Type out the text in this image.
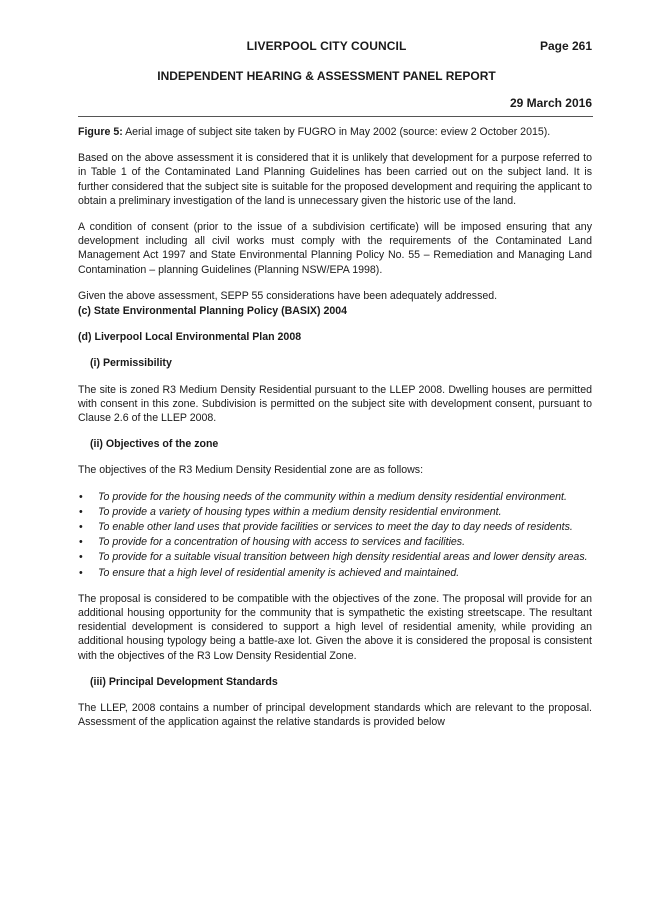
LIVERPOOL CITY COUNCIL	Page 261
INDEPENDENT HEARING & ASSESSMENT PANEL REPORT
29 March 2016

Figure 5: Aerial image of subject site taken by FUGRO in May 2002 (source: eview 2 October 2015).

Based on the above assessment it is considered that it is unlikely that development for a purpose referred to in Table 1 of the Contaminated Land Planning Guidelines has been carried out on the subject land. It is further considered that the subject site is suitable for the proposed development and requiring the applicant to obtain a preliminary investigation of the land is unnecessary given the historic use of the land.

A condition of consent (prior to the issue of a subdivision certificate) will be imposed ensuring that any development including all civil works must comply with the requirements of the Contaminated Land Management Act 1997 and State Environmental Planning Policy No. 55 – Remediation and Managing Land Contamination – planning Guidelines (Planning NSW/EPA 1998).

Given the above assessment, SEPP 55 considerations have been adequately addressed.

(c) State Environmental Planning Policy (BASIX) 2004
(d) Liverpool Local Environmental Plan 2008
(i) Permissibility

The site is zoned R3 Medium Density Residential pursuant to the LLEP 2008. Dwelling houses are permitted with consent in this zone. Subdivision is permitted on the subject site with development consent, pursuant to Clause 2.6 of the LLEP 2008.

(ii) Objectives of the zone

The objectives of the R3 Medium Density Residential zone are as follows:

• To provide for the housing needs of the community within a medium density residential environment.
• To provide a variety of housing types within a medium density residential environment.
• To enable other land uses that provide facilities or services to meet the day to day needs of residents.
• To provide for a concentration of housing with access to services and facilities.
• To provide for a suitable visual transition between high density residential areas and lower density areas.
• To ensure that a high level of residential amenity is achieved and maintained.

The proposal is considered to be compatible with the objectives of the zone. The proposal will provide for an additional housing opportunity for the community that is sympathetic the existing streetscape. The resultant residential development is considered to support a high level of residential amenity, while providing an additional housing typology being a battle-axe lot. Given the above it is considered the proposal is consistent with the objectives of the R3 Low Density Residential Zone.

(iii) Principal Development Standards

The LLEP, 2008 contains a number of principal development standards which are relevant to the proposal. Assessment of the application against the relative standards is provided below
